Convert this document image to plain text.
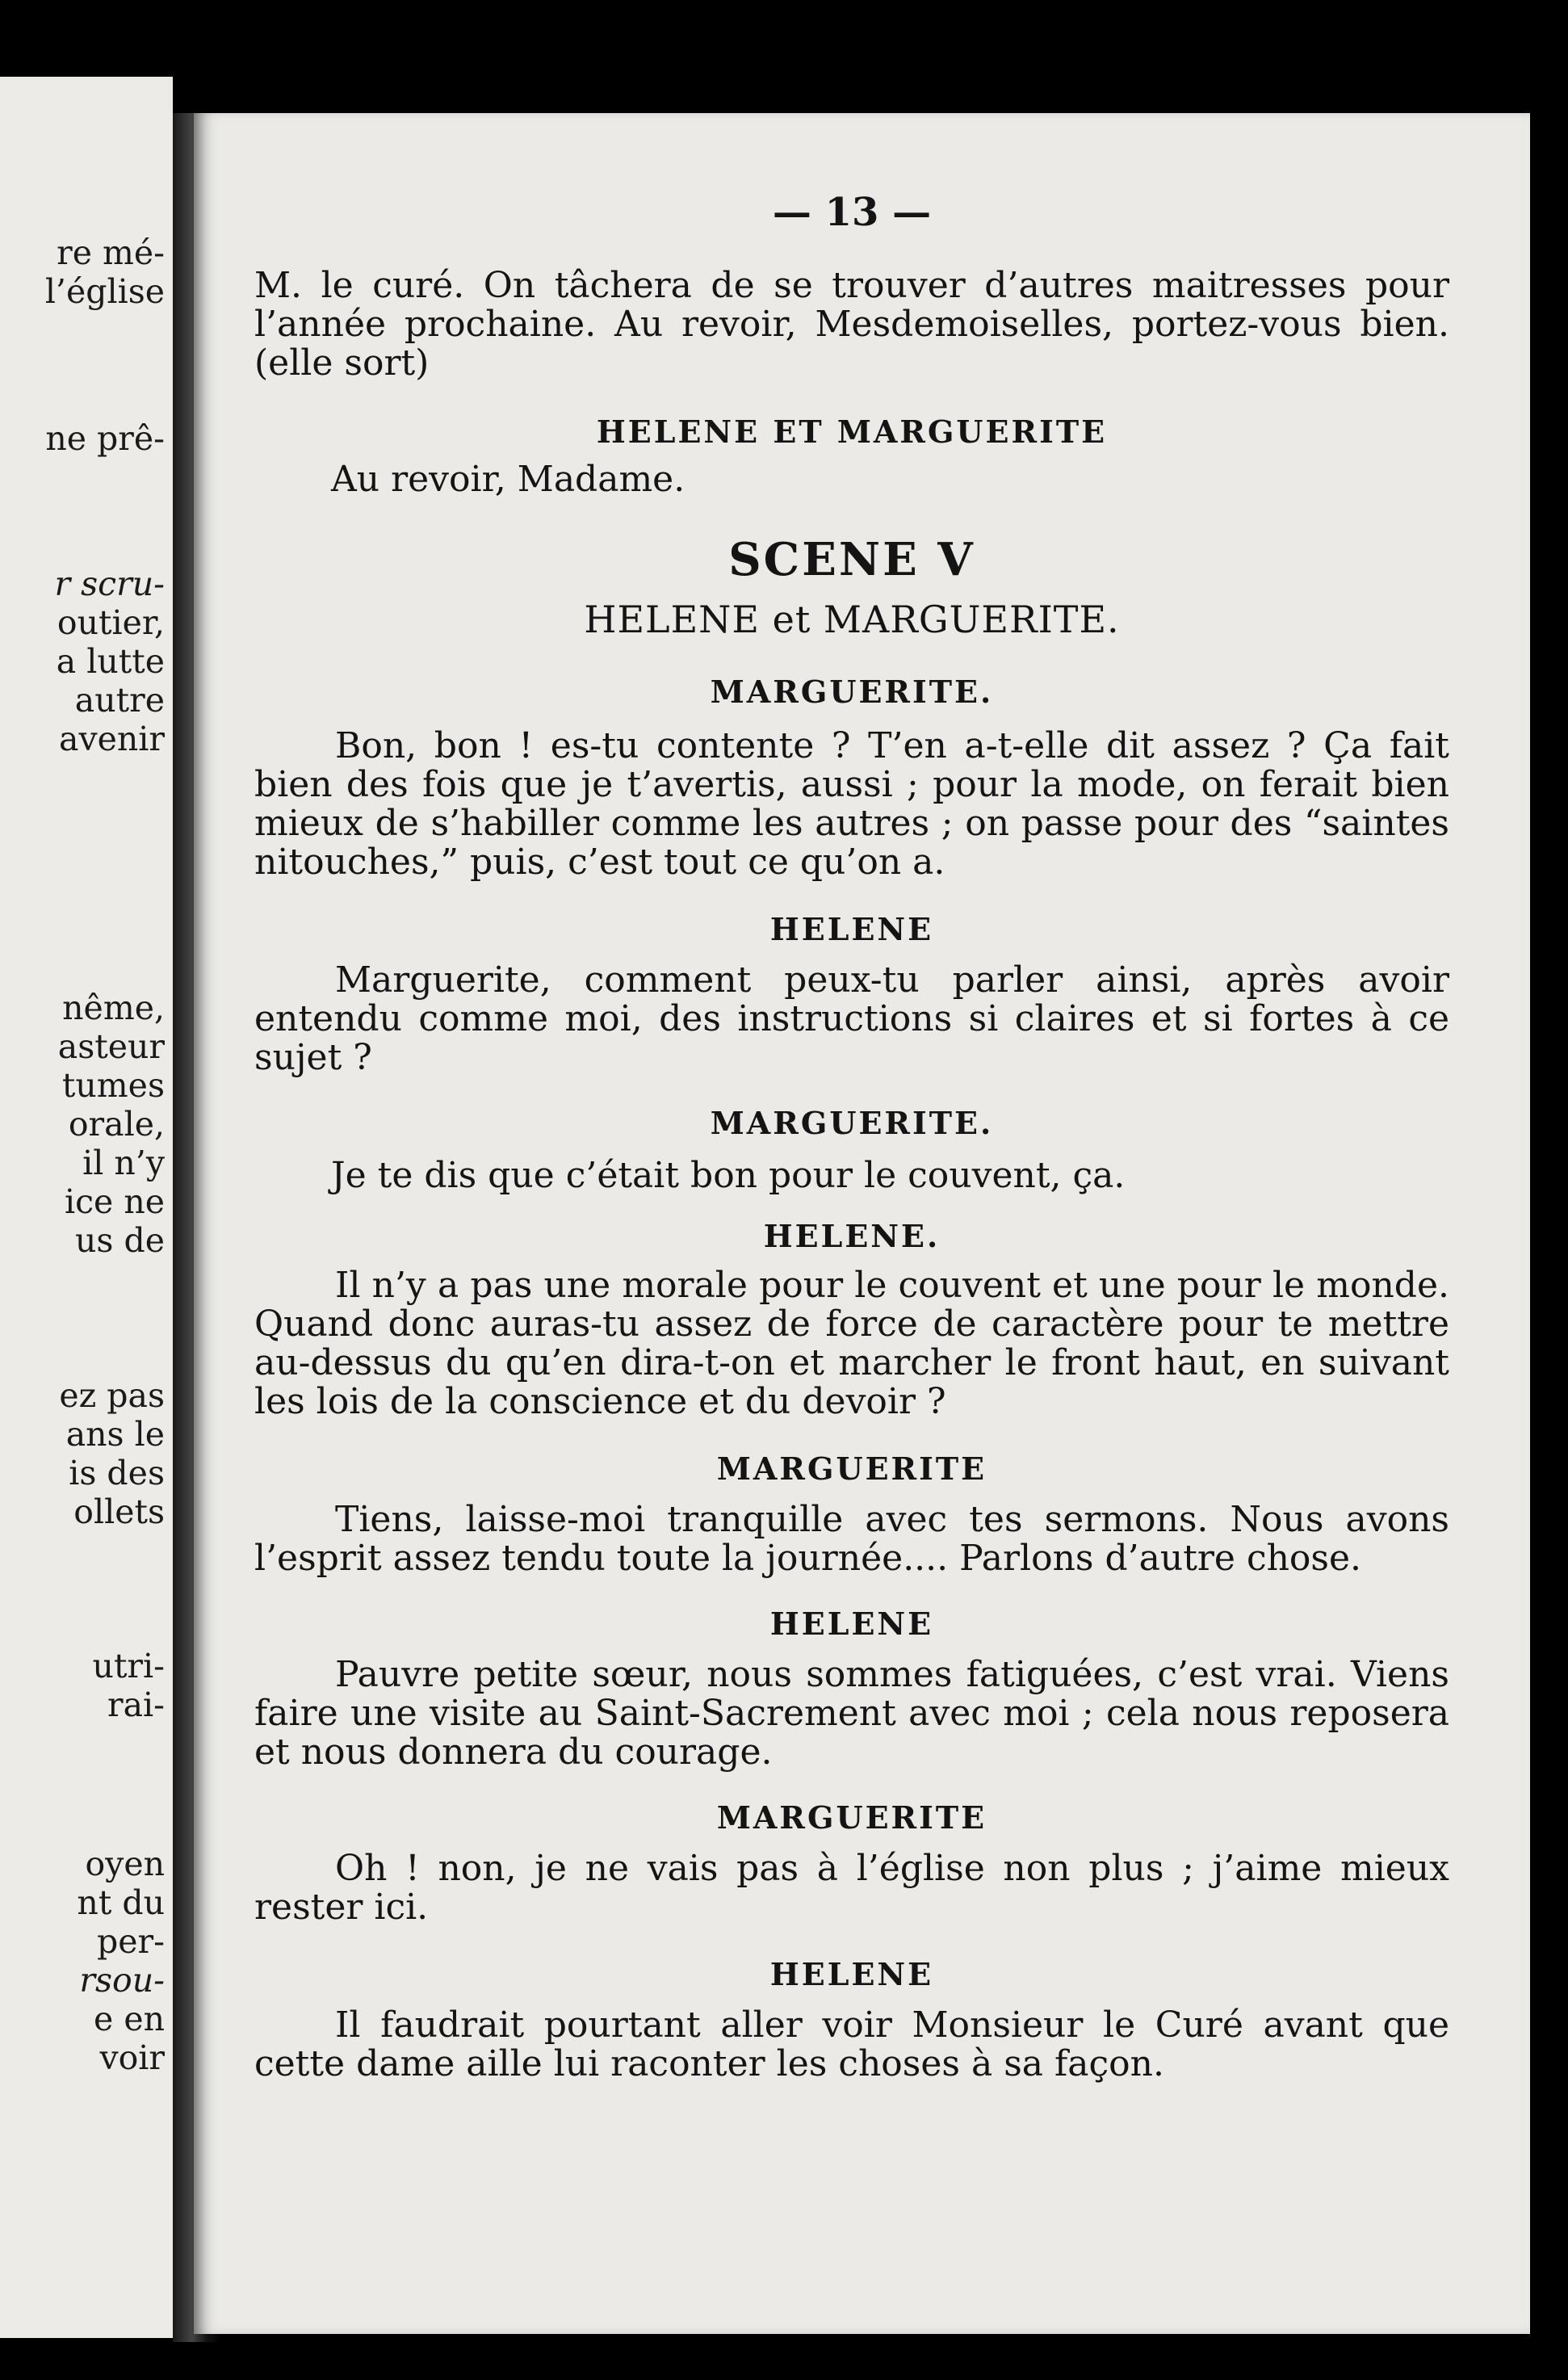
re mé-
l’église
ne prê-
r scru-
outier,
a lutte
autre
avenir
nême,
asteur
tumes
orale,
il n’y
ice ne
us de
ez pas
ans le
is des
ollets
utri-
rai-
oyen
nt du
per-
rsou-
e en
voir
— 13 —
M. le curé. On tâchera de se trouver d’autres maitresses pour l’année prochaine. Au revoir, Mesdemoiselles, portez-vous bien. (elle sort)
HELENE ET MARGUERITE
Au revoir, Madame.
SCENE V
HELENE et MARGUERITE.
MARGUERITE.
Bon, bon ! es-tu contente ? T’en a-t-elle dit assez ? Ça fait bien des fois que je t’avertis, aussi ; pour la mode, on ferait bien mieux de s’habiller comme les autres ; on passe pour des “saintes nitouches,” puis, c’est tout ce qu’on a.
HELENE
Marguerite, comment peux-tu parler ainsi, après avoir entendu comme moi, des instructions si claires et si fortes à ce sujet ?
MARGUERITE.
Je te dis que c’était bon pour le couvent, ça.
HELENE.
Il n’y a pas une morale pour le couvent et une pour le monde. Quand donc auras-tu assez de force de caractère pour te mettre au-dessus du qu’en dira-t-on et marcher le front haut, en suivant les lois de la conscience et du devoir ?
MARGUERITE
Tiens, laisse-moi tranquille avec tes sermons. Nous avons l’esprit assez tendu toute la journée.... Parlons d’autre chose.
HELENE
Pauvre petite sœur, nous sommes fatiguées, c’est vrai. Viens faire une visite au Saint-Sacrement avec moi ; cela nous reposera et nous donnera du courage.
MARGUERITE
Oh ! non, je ne vais pas à l’église non plus ; j’aime mieux rester ici.
HELENE
Il faudrait pourtant aller voir Monsieur le Curé avant que cette dame aille lui raconter les choses à sa façon.
